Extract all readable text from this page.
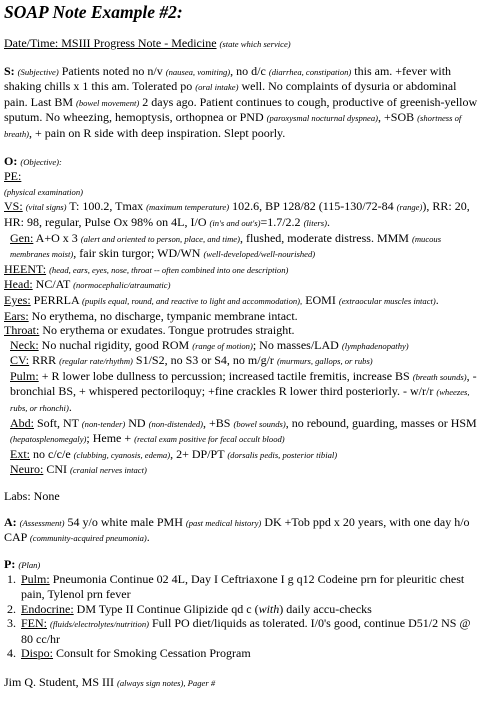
SOAP Note Example #2:

Date/Time: MSIII Progress Note - Medicine (state which service)

S: (Subjective) Patients noted no n/v (nausea, vomiting), no d/c (diarrhea, constipation) this am. +fever with shaking chills x 1 this am. Tolerated po (oral intake) well. No complaints of dysuria or abdominal pain. Last BM (bowel movement) 2 days ago. Patient continues to cough, productive of greenish-yellow sputum. No wheezing, hemoptysis, orthopnea or PND (paroxysmal nocturnal dyspnea), +SOB (shortness of breath), + pain on R side with deep inspiration. Slept poorly.

O: (Objective):

PE:
(physical examination)

VS: (vital signs) T: 100.2, Tmax (maximum temperature) 102.6, BP 128/82 (115-130/72-84 (range)), RR: 20, HR: 98, regular, Pulse Ox 98% on 4L, I/O (in's and out's)=1.7/2.2 (liters).

Gen: A+O x 3 (alert and oriented to person, place, and time), flushed, moderate distress. MMM (mucous membranes moist), fair skin turgor; WD/WN (well-developed/well-nourished)

HEENT: (head, ears, eyes, nose, throat -- often combined into one description)

Head: NC/AT (normocephalic/atraumatic)

Eyes: PERRLA (pupils equal, round, and reactive to light and accommodation), EOMI (extraocular muscles intact).

Ears: No erythema, no discharge, tympanic membrane intact.

Throat: No erythema or exudates. Tongue protrudes straight.

Neck: No nuchal rigidity, good ROM (range of motion); No masses/LAD (lymphadenopathy)

CV: RRR (regular rate/rhythm) S1/S2, no S3 or S4, no m/g/r (murmurs, gallops, or rubs)

Pulm: + R lower lobe dullness to percussion; increased tactile fremitis, increase BS (breath sounds), - bronchial BS, + whispered pectoriloquy; +fine crackles R lower third posteriorly. - w/r/r (wheezes, rubs, or rhonchi).

Abd: Soft, NT (non-tender) ND (non-distended), +BS (bowel sounds), no rebound, guarding, masses or HSM (hepatosplenomegaly); Heme + (rectal exam positive for fecal occult blood)

Ext: no c/c/e (clubbing, cyanosis, edema), 2+ DP/PT (dorsalis pedis, posterior tibial)

Neuro: CNI (cranial nerves intact)

Labs: None

A: (Assessment) 54 y/o white male PMH (past medical history) DK +Tob ppd x 20 years, with one day h/o CAP (community-acquired pneumonia).

P: (Plan)

1. Pulm: Pneumonia Continue 02 4L, Day I Ceftriaxone I g q12 Codeine prn for pleuritic chest pain, Tylenol prn fever
2. Endocrine: DM Type II Continue Glipizide qd c (with) daily accu-checks
3. FEN: (fluids/electrolytes/nutrition) Full PO diet/liquids as tolerated. I/0's good, continue D51/2 NS @ 80 cc/hr
4. Dispo: Consult for Smoking Cessation Program

Jim Q. Student, MS III (always sign notes), Pager #
